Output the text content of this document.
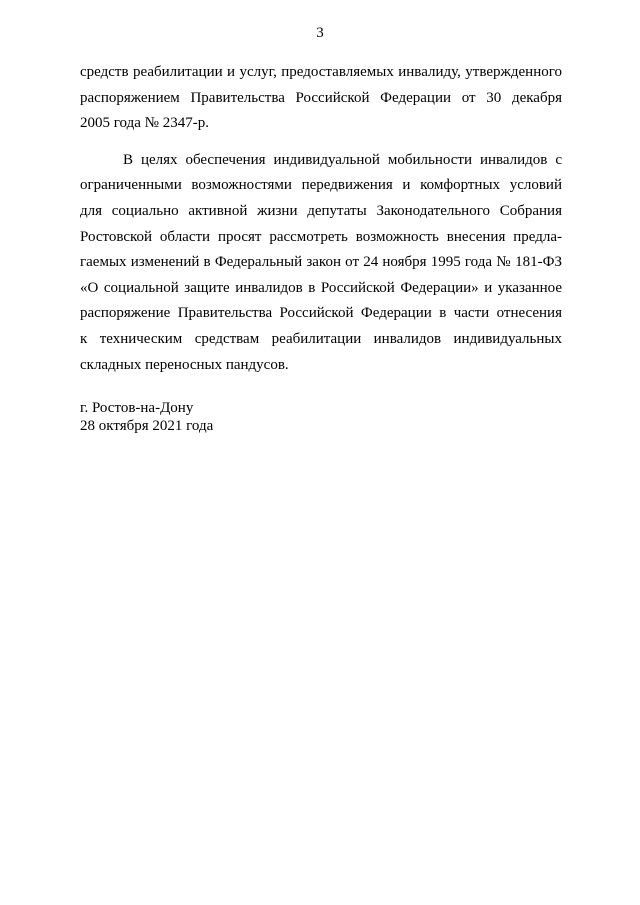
3
средств реабилитации и услуг, предоставляемых инвалиду, утвержденного
распоряжением Правительства Российской Федерации от 30 декабря
2005 года № 2347-р.
В целях обеспечения индивидуальной мобильности инвалидов с
ограниченными возможностями передвижения и комфортных условий
для социально активной жизни депутаты Законодательного Собрания
Ростовской области просят рассмотреть возможность внесения предла-
гаемых изменений в Федеральный закон от 24 ноября 1995 года № 181-ФЗ
«О социальной защите инвалидов в Российской Федерации» и указанное
распоряжение Правительства Российской Федерации в части отнесения
к техническим средствам реабилитации инвалидов индивидуальных
складных переносных пандусов.
г. Ростов-на-Дону
28 октября 2021 года
